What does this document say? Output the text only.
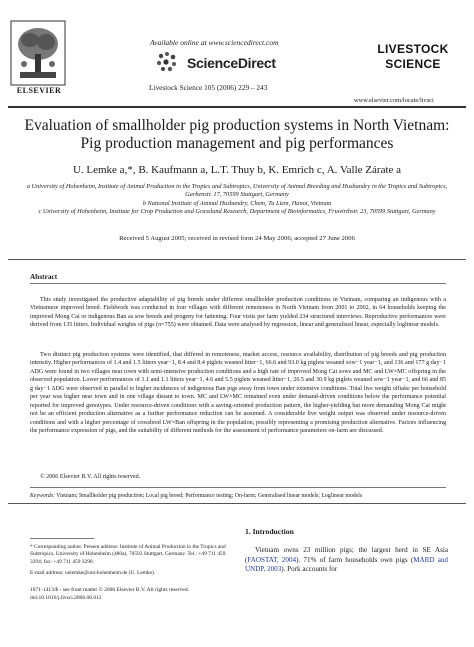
ELSEVIER
Available online at www.sciencedirect.com
ScienceDirect
Livestock Science 105 (2006) 229 – 243
LIVESTOCK
SCIENCE
www.elsevier.com/locate/livsci
Evaluation of smallholder pig production systems in North Vietnam: Pig production management and pig performances
U. Lemke a,*, B. Kaufmann a, L.T. Thuy b, K. Emrich c, A. Valle Zárate a
a University of Hohenheim, Institute of Animal Production in the Tropics and Subtropics, University of Animal Breeding and Husbandry in the Tropics and Subtropics, Garbenstr. 17, 70599 Stuttgart, Germany
b National Institute of Animal Husbandry, Chem, Tu Liem, Hanoi, Vietnam
c University of Hohenheim, Institute for Crop Production and Grassland Research, Department of Bioinformatics, Fruwirthstr. 23, 70599 Stuttgart, Germany
Received 5 August 2005; received in revised form 24 May 2006; accepted 27 June 2006
Abstract
This study investigated the productive adaptability of pig breeds under different smallholder production conditions in Vietnam, comparing an indigenous with a Vietnamese improved breed. Fieldwork was conducted in four villages with different remoteness in North Vietnam from 2001 to 2002, in 64 households keeping the improved Mong Cai or indigenous Ban as sow breeds and progeny for fattening. Four visits per farm yielded 234 structured interviews. Reproductive performances were derived from 135 litters. Individual weights of pigs (n=755) were obtained. Data were analysed by regression, linear and generalised linear, especially loglinear models.
Two distinct pig production systems were identified, that differed in remoteness, market access, resource availability, distribution of pig breeds and pig production intensity. Higher performances of 1.4 and 1.5 litters year−1, 8.4 and 8.4 piglets weaned litter−1, 66.6 and 93.0 kg piglets weaned sow−1 year−1, and 136 and 177 g day−1 ADG were found in two villages near town with semi-intensive production conditions and a high rate of improved Mong Cai sows and MC and LW×MC offspring in the observed population. Lower performances of 1.1 and 1.1 litters year−1, 4.6 and 5.5 piglets weaned litter−1, 20.5 and 30.9 kg piglets weaned sow−1 year−1, and 66 and 85 g day−1 ADG were observed in parallel to higher incidences of indigenous Ban pigs away from town under extensive conditions. Total live weight offtake per household per year was higher near town and in one village distant to town. MC and LW×MC remained even under demand-driven conditions below the performance potential reported for improved genotypes. Under resource-driven conditions with a saving-oriented production pattern, the higher-yielding but more demanding Mong Cai might not be an efficient production alternative as a further performance reduction can be assumed. A considerable live weight output was observed under resource-driven conditions and with a higher percentage of crossbred LW×Ban offspring in the population, possibly representing a promising production alternative. Factors influencing the performance expression of pigs, and the suitability of different methods for the assessment of performance parameters on-farm are discussed.
© 2006 Elsevier B.V. All rights reserved.
Keywords: Vietnam; Smallholder pig production; Local pig breed; Performance testing; On-farm; Generalised linear models; Loglinear models
* Corresponding author. Present address: Institute of Animal Production in the Tropics and Subtropics, University of Hohenheim (480a), 70593 Stuttgart, Germany. Tel.: +49 711 459 3294; fax: +49 711 459 3290.
E-mail address: uelemke@uni-hohenheim.de (U. Lemke).
1. Introduction
Vietnam owns 23 million pigs; the largest herd in SE Asia (FAOSTAT, 2004). 71% of farm households own pigs (MARD and UNDP, 2003). Pork accounts for
1871-1413/$ - see front matter © 2006 Elsevier B.V. All rights reserved.
doi:10.1016/j.livsci.2006.06.012
